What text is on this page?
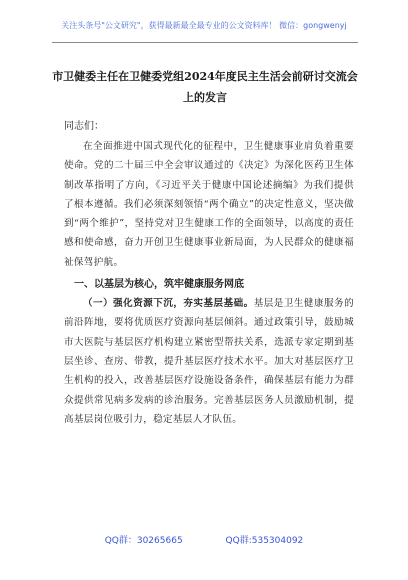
关注头条号"公文研究"，获得最新最全最专业的公文资料库！ 微信：gongwenyj
市卫健委主任在卫健委党组2024年度民主生活会前研讨交流会上的发言
同志们：

在全面推进中国式现代化的征程中，卫生健康事业肩负着重要使命。党的二十届三中全会审议通过的《决定》为深化医药卫生体制改革指明了方向，《习近平关于健康中国论述摘编》为我们提供了根本遵循。我们必须深刻领悟“两个确立”的决定性意义，坚决做到“两个维护”，坚持党对卫生健康工作的全面领导，以高度的责任感和使命感，奋力开创卫生健康事业新局面，为人民群众的健康福祉保驾护航。

一、以基层为核心，筑牢健康服务网底

（一）强化资源下沉，夯实基层基础。基层是卫生健康服务的前沿阵地，要将优质医疗资源向基层倾斜。通过政策引导，鼓励城市大医院与基层医疗机构建立紧密型帮扶关系，选派专家定期到基层坐诊、查房、带教，提升基层医疗技术水平。加大对基层医疗卫生机构的投入，改善基层医疗设施设备条件，确保基层有能力为群众提供常见病多发病的诊治服务。完善基层医务人员激励机制，提高基层岗位吸引力，稳定基层人才队伍。

QQ群：30265665	QQ群:535304092
